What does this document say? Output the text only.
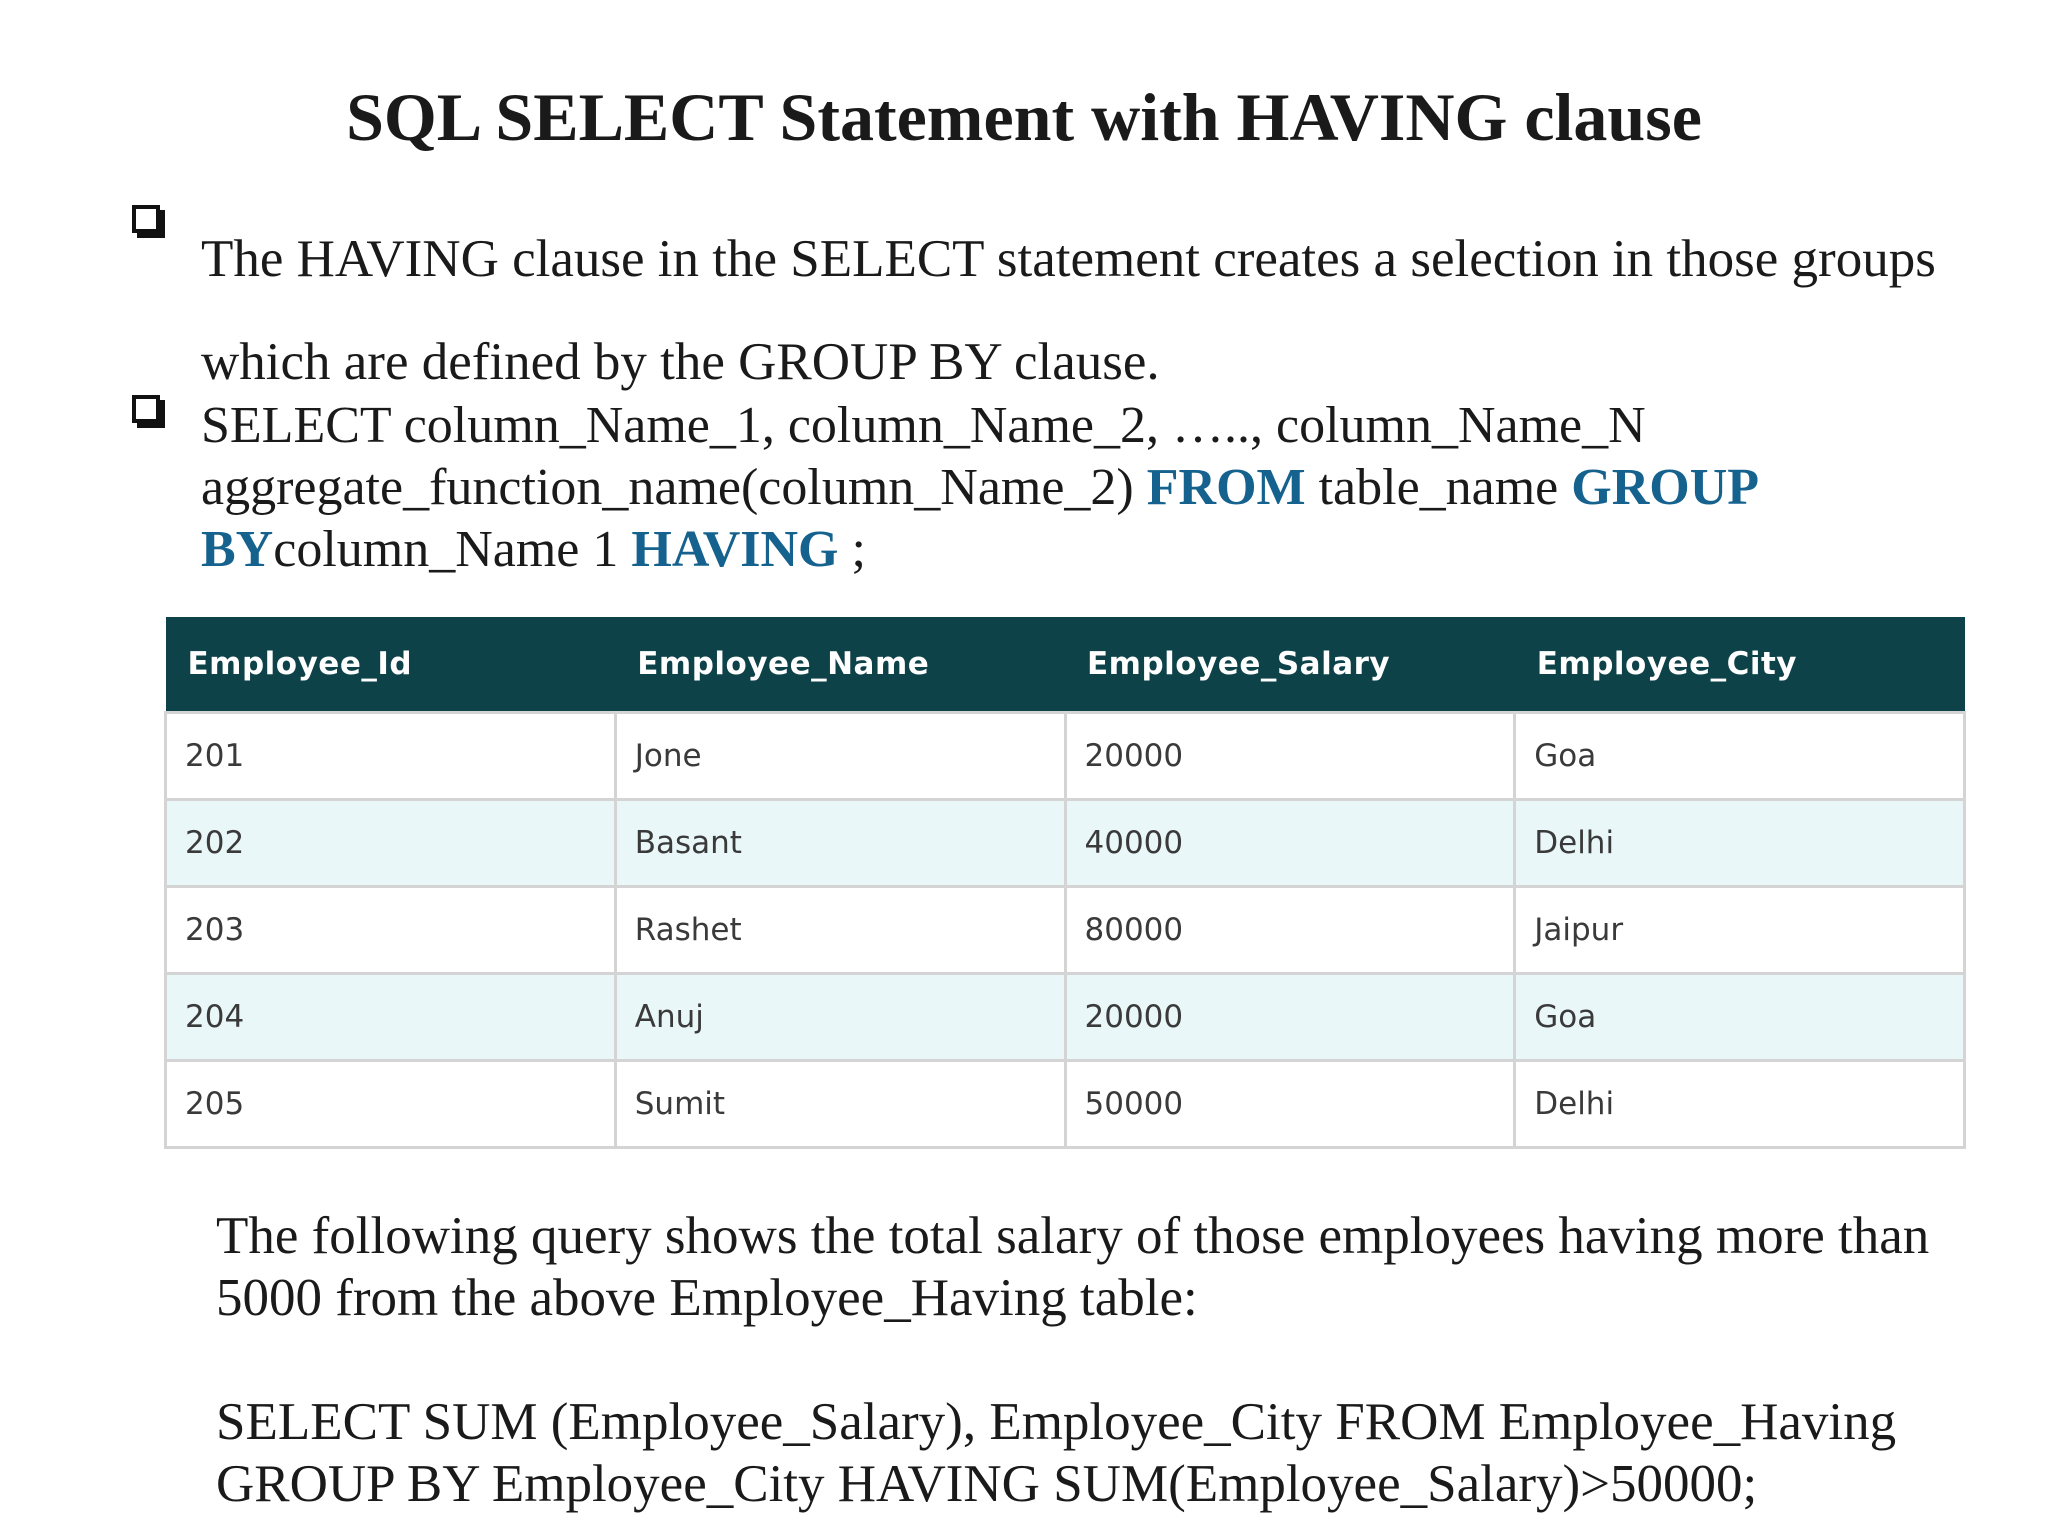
SQL SELECT Statement with HAVING clause
The HAVING clause in the SELECT statement creates a selection in those groups which are defined by the GROUP BY clause.
SELECT column_Name_1, column_Name_2, ….., column_Name_N aggregate_function_name(column_Name_2) FROM table_name GROUP BYcolumn_Name 1 HAVING ;
Employee_Id	Employee_Name	Employee_Salary	Employee_City
201	Jone	20000	Goa
202	Basant	40000	Delhi
203	Rashet	80000	Jaipur
204	Anuj	20000	Goa
205	Sumit	50000	Delhi
The following query shows the total salary of those employees having more than 5000 from the above Employee_Having table:
SELECT SUM (Employee_Salary), Employee_City FROM Employee_Having GROUP BY Employee_City HAVING SUM(Employee_Salary)>50000;
